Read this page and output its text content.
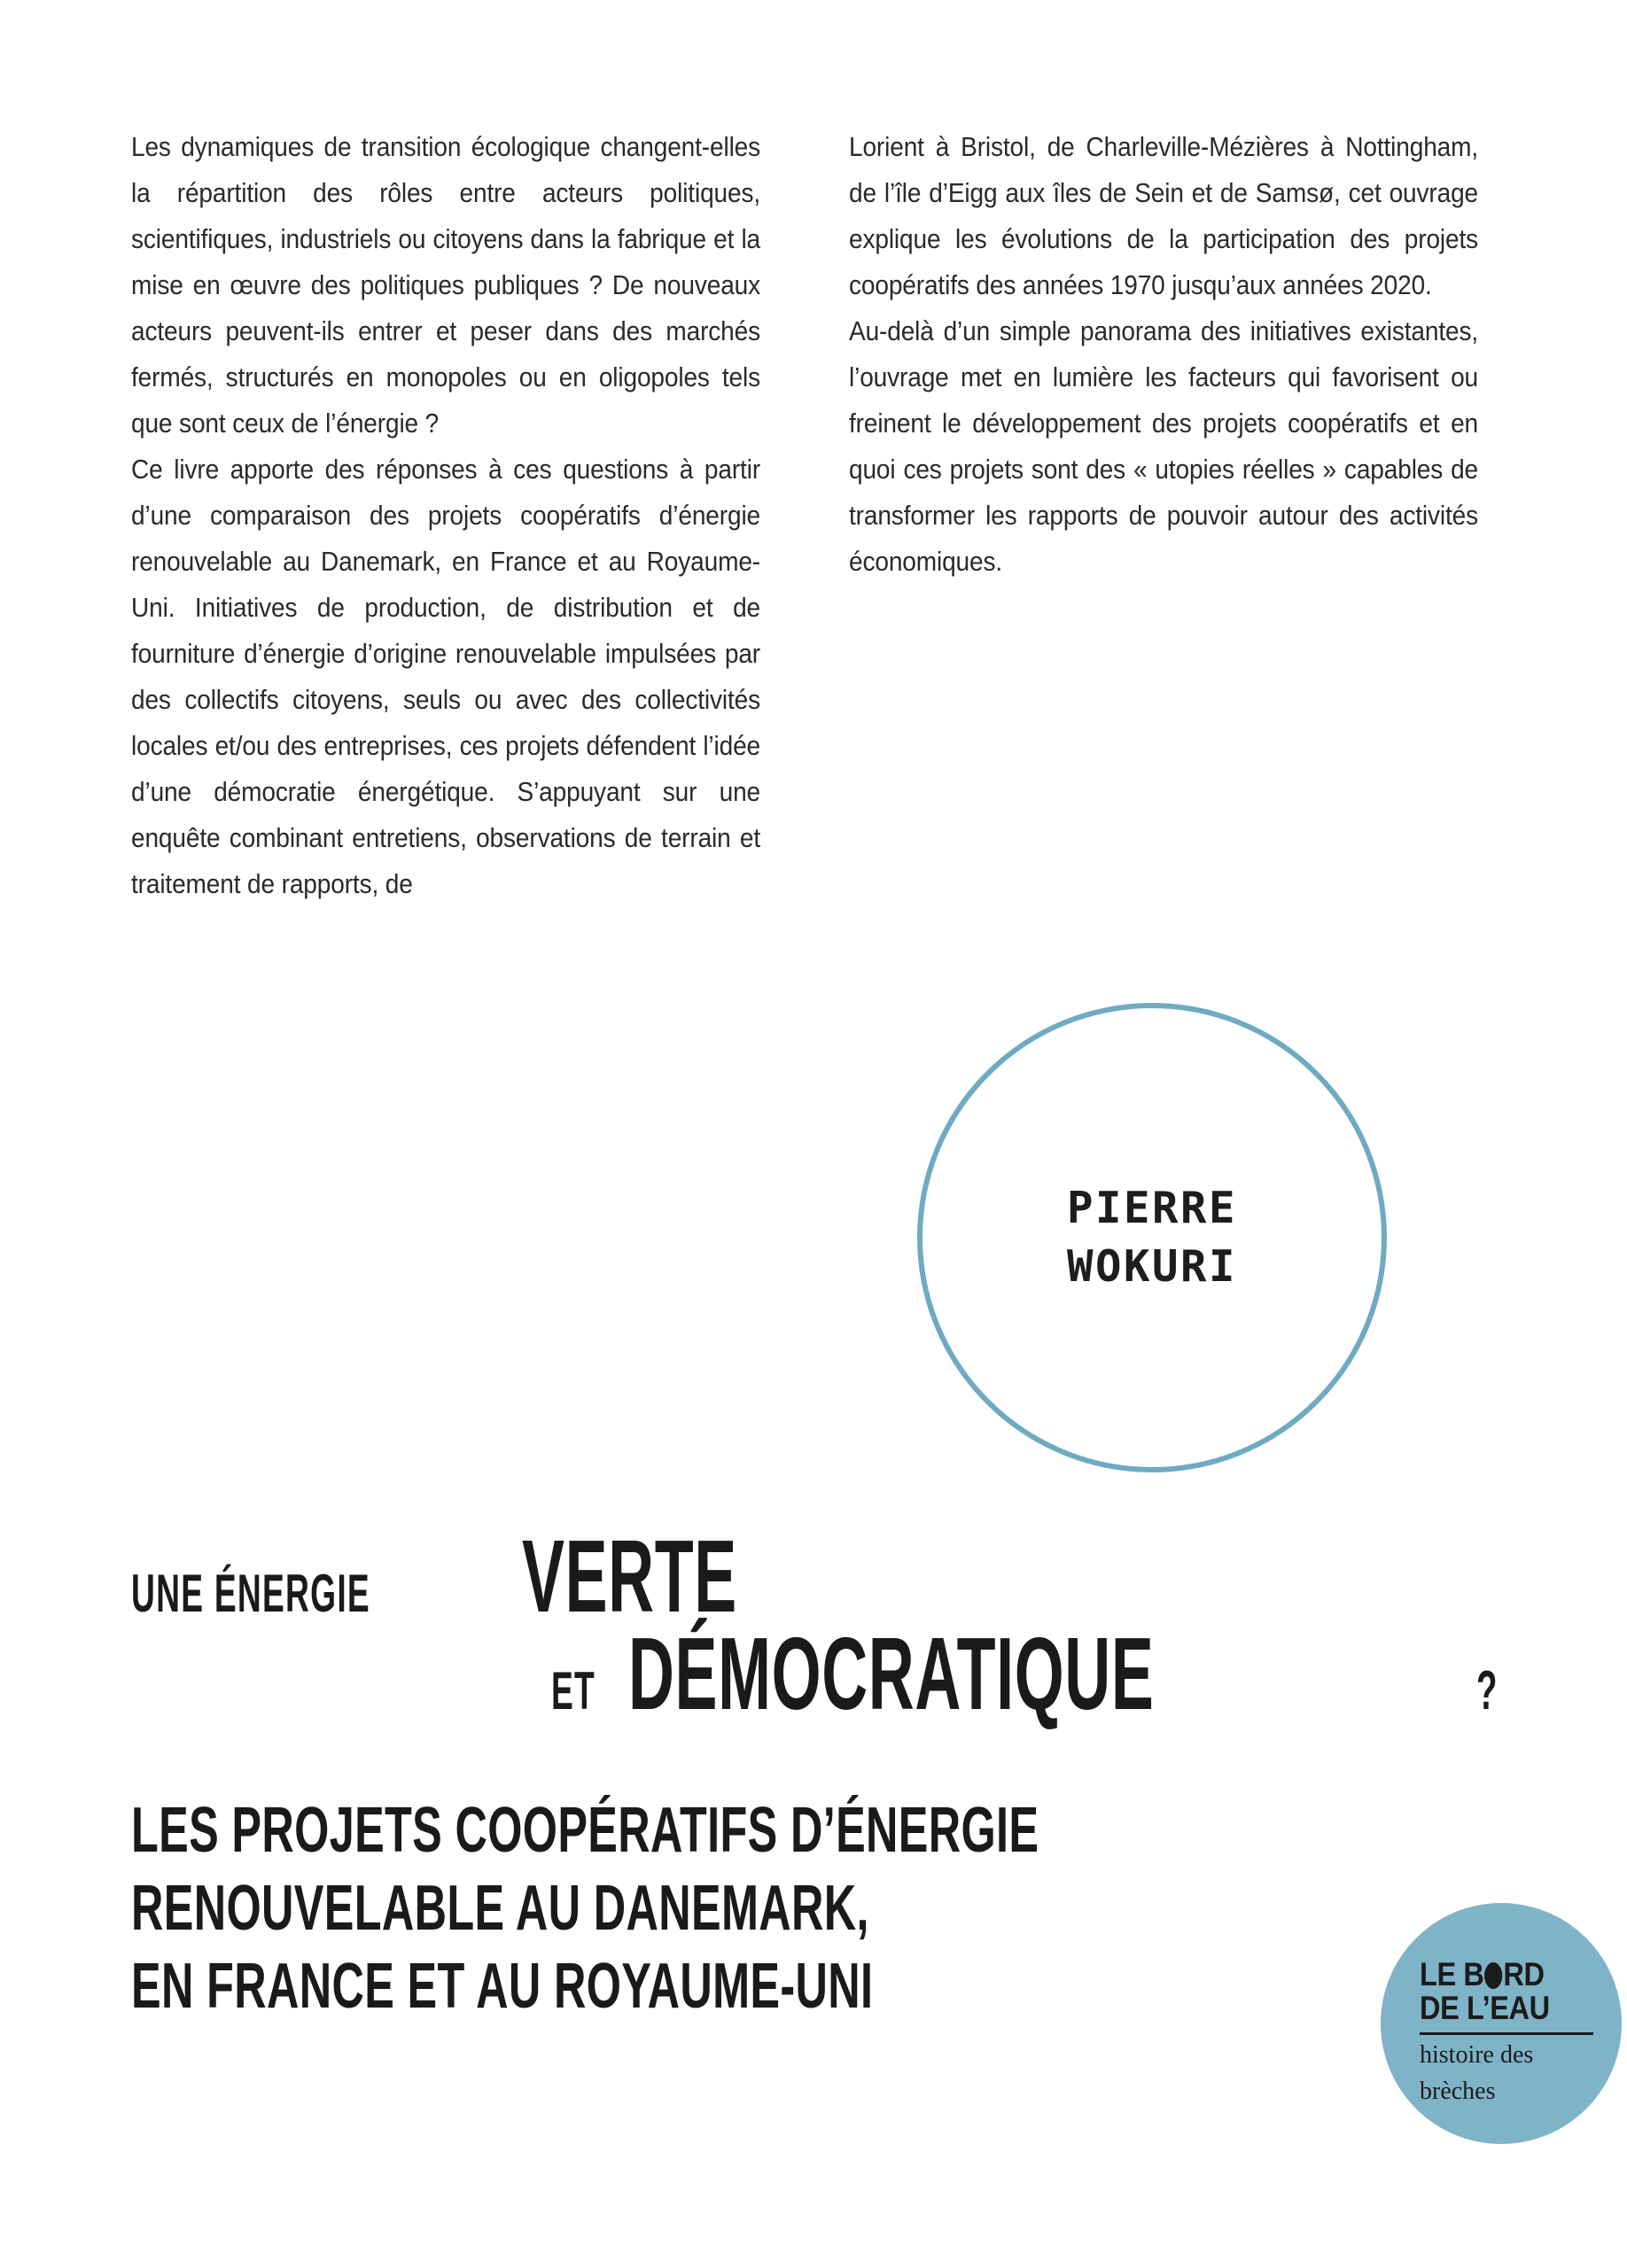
Les dynamiques de transition écologique changent-elles la répartition des rôles entre acteurs politiques, scientifiques, industriels ou citoyens dans la fabrique et la mise en œuvre des politiques publiques ? De nouveaux acteurs peuvent-ils entrer et peser dans des marchés fermés, structurés en monopoles ou en oligopoles tels que sont ceux de l’énergie ?

Ce livre apporte des réponses à ces questions à partir d’une comparaison des projets coopératifs d’énergie renouvelable au Danemark, en France et au Royaume-Uni. Initiatives de production, de distribution et de fourniture d’énergie d’origine renouvelable impulsées par des collectifs citoyens, seuls ou avec des collectivités locales et/ou des entreprises, ces projets défendent l’idée d’une démocratie énergétique. S’appuyant sur une enquête combinant entretiens, observations de terrain et traitement de rapports, de

Lorient à Bristol, de Charleville-Mézières à Nottingham, de l’île d’Eigg aux îles de Sein et de Samsø, cet ouvrage explique les évolutions de la participation des projets coopératifs des années 1970 jusqu’aux années 2020.

Au-delà d’un simple panorama des initiatives existantes, l’ouvrage met en lumière les facteurs qui favorisent ou freinent le développement des projets coopératifs et en quoi ces projets sont des « utopies réelles » capables de transformer les rapports de pouvoir autour des activités économiques.

PIERRE
WOKURI
UNE ÉNERGIE VERTE
ET DÉMOCRATIQUE	?
LES PROJETS COOPÉRATIFS D’ÉNERGIE
RENOUVELABLE AU DANEMARK,
EN FRANCE ET AU ROYAUME-UNI	LE B RD
DE L’EAU
histoire des
brèches
